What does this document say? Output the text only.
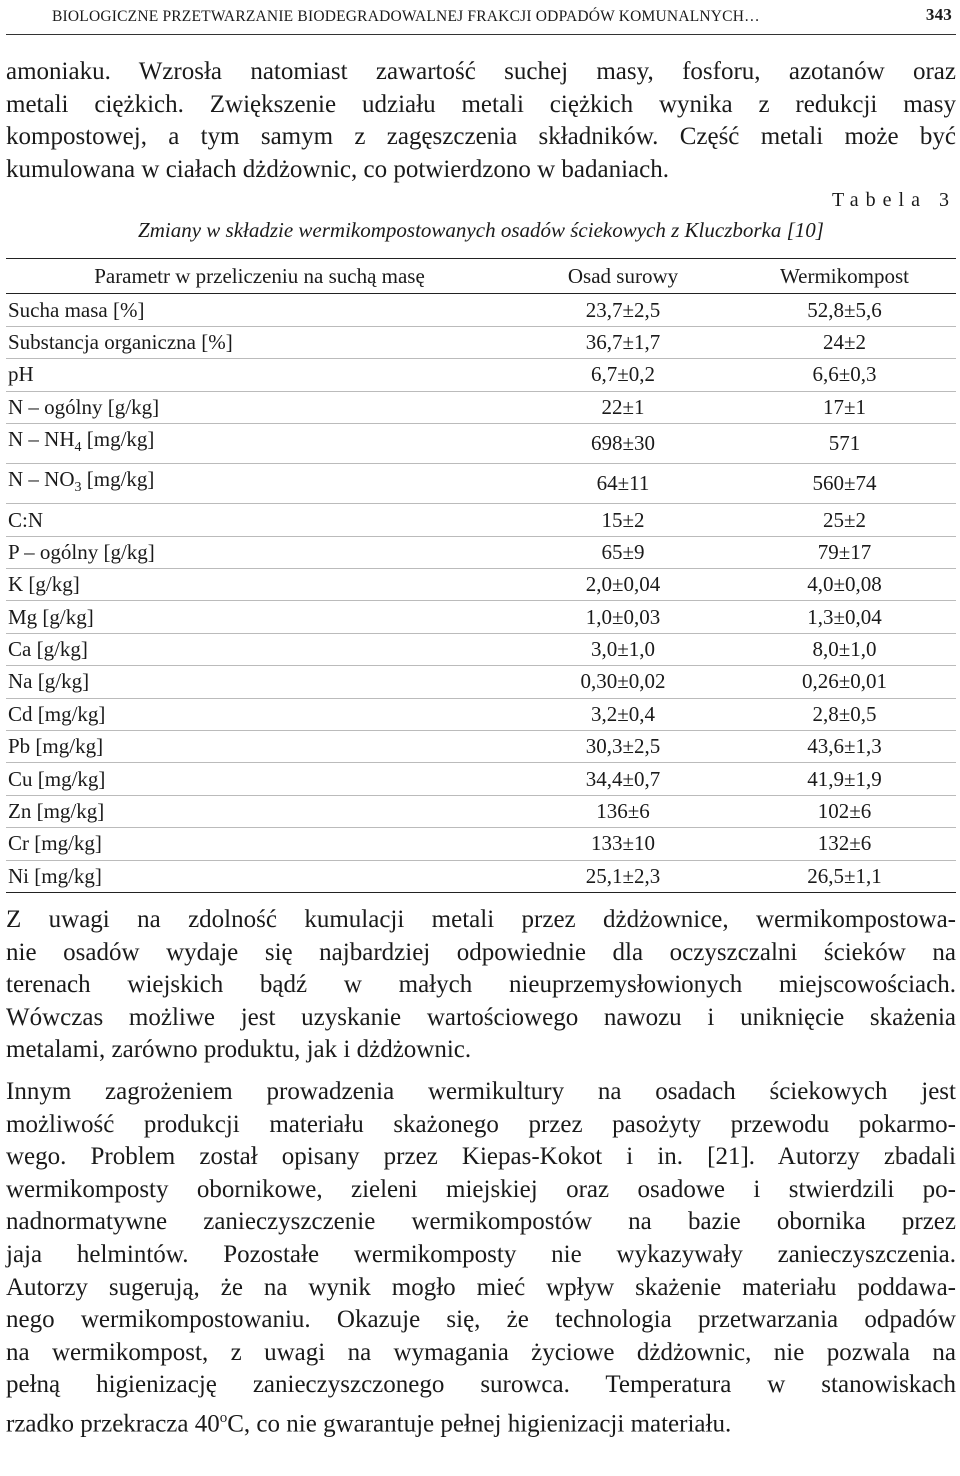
BIOLOGICZNE PRZETWARZANIE BIODEGRADOWALNEJ FRAKCJI ODPADÓW KOMUNALNYCH…	343

amoniaku. Wzrosła natomiast zawartość suchej masy, fosforu, azotanów oraz
metali ciężkich. Zwiększenie udziału metali ciężkich wynika z redukcji masy
kompostowej, a tym samym z zagęszczenia składników. Część metali może być
kumulowana w ciałach dżdżownic, co potwierdzono w badaniach.

Tabela 3
Zmiany w składzie wermikompostowanych osadów ściekowych z Kluczborka [10]
Parametr w przeliczeniu na suchą masę	Osad surowy	Wermikompost
Sucha masa [%]	23,7±2,5	52,8±5,6
Substancja organiczna [%]	36,7±1,7	24±2
pH	6,7±0,2	6,6±0,3
N – ogólny [g/kg]	22±1	17±1
N – $NH_4$ [mg/kg]	698±30	571
N – $NO_3$ [mg/kg]	64±11	560±74
C:N	15±2	25±2
P – ogólny [g/kg]	65±9	79±17
K [g/kg]	2,0±0,04	4,0±0,08
Mg [g/kg]	1,0±0,03	1,3±0,04
Ca [g/kg]	3,0±1,0	8,0±1,0
Na [g/kg]	0,30±0,02	0,26±0,01
Cd [mg/kg]	3,2±0,4	2,8±0,5
Pb [mg/kg]	30,3±2,5	43,6±1,3
Cu [mg/kg]	34,4±0,7	41,9±1,9
Zn [mg/kg]	136±6	102±6
Cr [mg/kg]	133±10	132±6
Ni [mg/kg]	25,1±2,3	26,5±1,1

Z uwagi na zdolność kumulacji metali przez dżdżownice, wermikompostowa-
nie osadów wydaje się najbardziej odpowiednie dla oczyszczalni ścieków na
terenach wiejskich bądź w małych nieuprzemysłowionych miejscowościach.
Wówczas możliwe jest uzyskanie wartościowego nawozu i uniknięcie skażenia
metalami, zarówno produktu, jak i dżdżownic.

Innym zagrożeniem prowadzenia wermikultury na osadach ściekowych jest
możliwość produkcji materiału skażonego przez pasożyty przewodu pokarmo-
wego. Problem został opisany przez Kiepas-Kokot i in. [21]. Autorzy zbadali
wermikomposty obornikowe, zieleni miejskiej oraz osadowe i stwierdzili po-
nadnormatywne zanieczyszczenie wermikompostów na bazie obornika przez
jaja helmintów. Pozostałe wermikomposty nie wykazywały zanieczyszczenia.
Autorzy sugerują, że na wynik mogło mieć wpływ skażenie materiału poddawa-
nego wermikompostowaniu. Okazuje się, że technologia przetwarzania odpadów
na wermikompost, z uwagi na wymagania życiowe dżdżownic, nie pozwala na
pełną higienizację zanieczyszczonego surowca. Temperatura w stanowiskach
rzadko przekracza 40$^o$C, co nie gwarantuje pełnej higienizacji materiału.
